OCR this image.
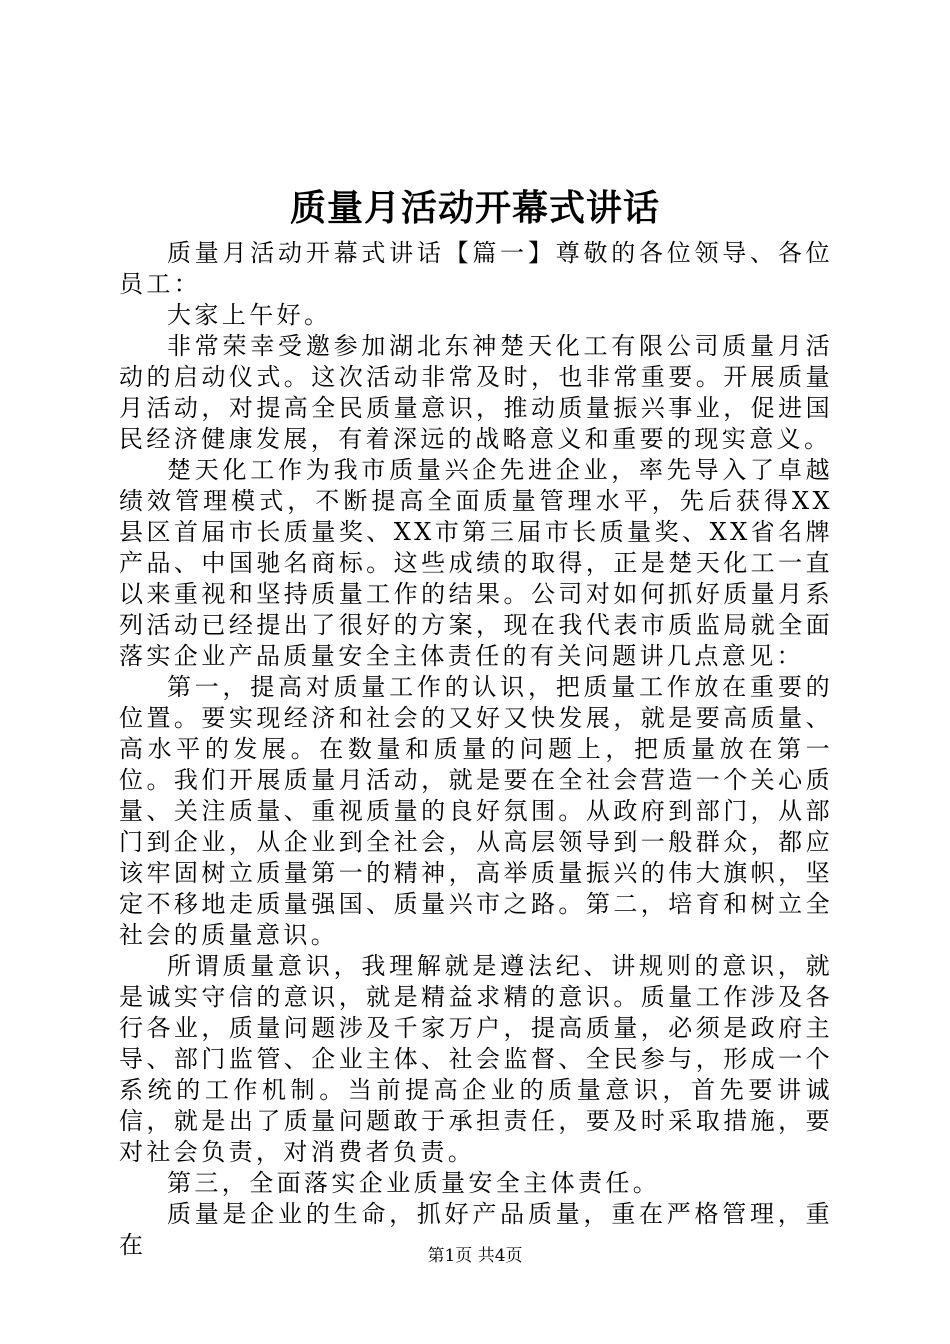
质量月活动开幕式讲话

质量月活动开幕式讲话【篇一】尊敬的各位领导、各位员工：

大家上午好。

非常荣幸受邀参加湖北东神楚天化工有限公司质量月活动的启动仪式。这次活动非常及时，也非常重要。开展质量月活动，对提高全民质量意识，推动质量振兴事业，促进国民经济健康发展，有着深远的战略意义和重要的现实意义。

楚天化工作为我市质量兴企先进企业，率先导入了卓越绩效管理模式，不断提高全面质量管理水平，先后获得XX县区首届市长质量奖、XX市第三届市长质量奖、XX省名牌产品、中国驰名商标。这些成绩的取得，正是楚天化工一直以来重视和坚持质量工作的结果。公司对如何抓好质量月系列活动已经提出了很好的方案，现在我代表市质监局就全面落实企业产品质量安全主体责任的有关问题讲几点意见：

第一，提高对质量工作的认识，把质量工作放在重要的位置。要实现经济和社会的又好又快发展，就是要高质量、高水平的发展。在数量和质量的问题上，把质量放在第一位。我们开展质量月活动，就是要在全社会营造一个关心质量、关注质量、重视质量的良好氛围。从政府到部门，从部门到企业，从企业到全社会，从高层领导到一般群众，都应该牢固树立质量第一的精神，高举质量振兴的伟大旗帜，坚定不移地走质量强国、质量兴市之路。第二，培育和树立全社会的质量意识。

所谓质量意识，我理解就是遵法纪、讲规则的意识，就是诚实守信的意识，就是精益求精的意识。质量工作涉及各行各业，质量问题涉及千家万户，提高质量，必须是政府主导、部门监管、企业主体、社会监督、全民参与，形成一个系统的工作机制。当前提高企业的质量意识，首先要讲诚信，就是出了质量问题敢于承担责任，要及时采取措施，要对社会负责，对消费者负责。

第三，全面落实企业质量安全主体责任。

质量是企业的生命，抓好产品质量，重在严格管理，重在	第1页 共4页
